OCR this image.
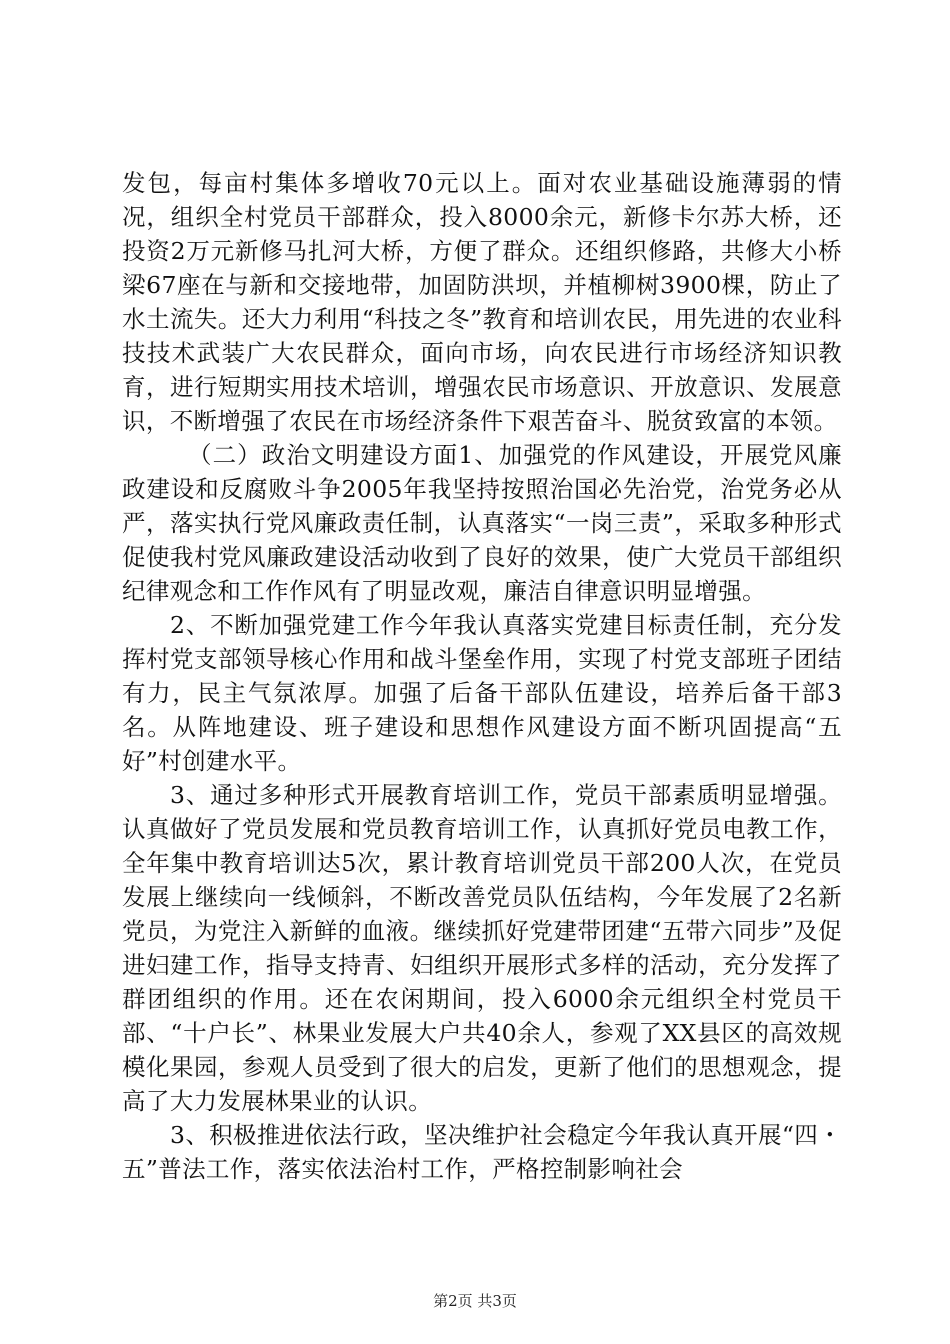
发包，每亩村集体多增收70元以上。面对农业基础设施薄弱的情况，组织全村党员干部群众，投入8000余元，新修卡尔苏大桥，还投资2万元新修马扎河大桥，方便了群众。还组织修路，共修大小桥梁67座在与新和交接地带，加固防洪坝，并植柳树3900棵，防止了水土流失。还大力利用“科技之冬”教育和培训农民，用先进的农业科技技术武装广大农民群众，面向市场，向农民进行市场经济知识教育，进行短期实用技术培训，增强农民市场意识、开放意识、发展意识，不断增强了农民在市场经济条件下艰苦奋斗、脱贫致富的本领。

（二）政治文明建设方面1、加强党的作风建设，开展党风廉政建设和反腐败斗争2005年我坚持按照治国必先治党，治党务必从严，落实执行党风廉政责任制，认真落实“一岗三责”，采取多种形式促使我村党风廉政建设活动收到了良好的效果，使广大党员干部组织纪律观念和工作作风有了明显改观，廉洁自律意识明显增强。

2、不断加强党建工作今年我认真落实党建目标责任制，充分发挥村党支部领导核心作用和战斗堡垒作用，实现了村党支部班子团结有力，民主气氛浓厚。加强了后备干部队伍建设，培养后备干部3名。从阵地建设、班子建设和思想作风建设方面不断巩固提高“五好”村创建水平。

3、通过多种形式开展教育培训工作，党员干部素质明显增强。认真做好了党员发展和党员教育培训工作，认真抓好党员电教工作，全年集中教育培训达5次，累计教育培训党员干部200人次，在党员发展上继续向一线倾斜，不断改善党员队伍结构，今年发展了2名新党员，为党注入新鲜的血液。继续抓好党建带团建“五带六同步”及促进妇建工作，指导支持青、妇组织开展形式多样的活动，充分发挥了群团组织的作用。还在农闲期间，投入6000余元组织全村党员干部、“十户长”、林果业发展大户共40余人，参观了XX县区的高效规模化果园，参观人员受到了很大的启发，更新了他们的思想观念，提高了大力发展林果业的认识。

3、积极推进依法行政，坚决维护社会稳定今年我认真开展“四・五”普法工作，落实依法治村工作，严格控制影响社会

第2页 共3页
